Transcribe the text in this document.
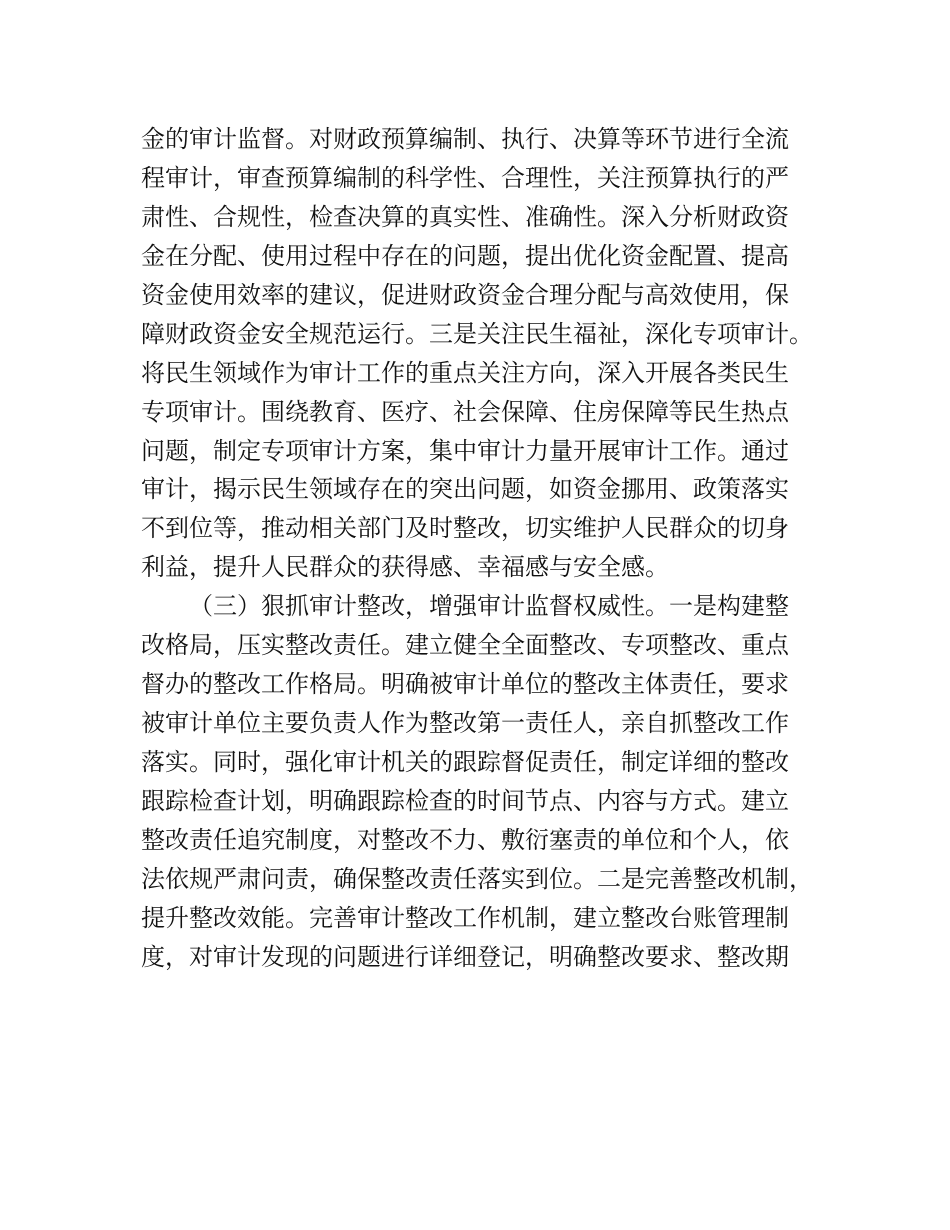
金的审计监督。对财政预算编制、执行、决算等环节进行全流
程审计，审查预算编制的科学性、合理性，关注预算执行的严
肃性、合规性，检查决算的真实性、准确性。深入分析财政资
金在分配、使用过程中存在的问题，提出优化资金配置、提高
资金使用效率的建议，促进财政资金合理分配与高效使用，保
障财政资金安全规范运行。三是关注民生福祉，深化专项审计。
将民生领域作为审计工作的重点关注方向，深入开展各类民生
专项审计。围绕教育、医疗、社会保障、住房保障等民生热点
问题，制定专项审计方案，集中审计力量开展审计工作。通过
审计，揭示民生领域存在的突出问题，如资金挪用、政策落实
不到位等，推动相关部门及时整改，切实维护人民群众的切身
利益，提升人民群众的获得感、幸福感与安全感。
（三）狠抓审计整改，增强审计监督权威性。一是构建整
改格局，压实整改责任。建立健全全面整改、专项整改、重点
督办的整改工作格局。明确被审计单位的整改主体责任，要求
被审计单位主要负责人作为整改第一责任人，亲自抓整改工作
落实。同时，强化审计机关的跟踪督促责任，制定详细的整改
跟踪检查计划，明确跟踪检查的时间节点、内容与方式。建立
整改责任追究制度，对整改不力、敷衍塞责的单位和个人，依
法依规严肃问责，确保整改责任落实到位。二是完善整改机制，
提升整改效能。完善审计整改工作机制，建立整改台账管理制
度，对审计发现的问题进行详细登记，明确整改要求、整改期
